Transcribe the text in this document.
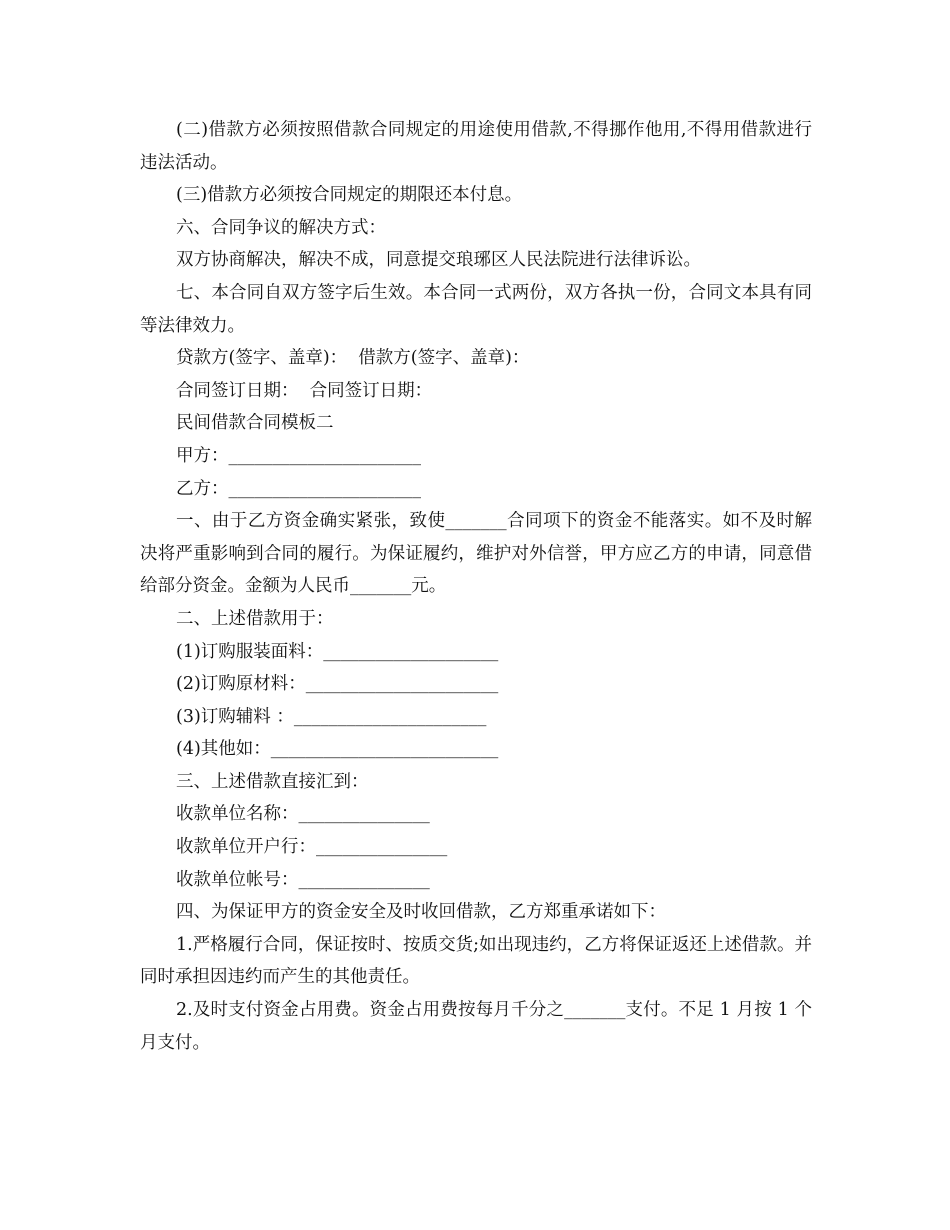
(二)借款方必须按照借款合同规定的用途使用借款,不得挪作他用,不得用借款进行违法活动。

(三)借款方必须按合同规定的期限还本付息。

六、合同争议的解决方式：

双方协商解决，解决不成，同意提交琅琊区人民法院进行法律诉讼。

七、本合同自双方签字后生效。本合同一式两份，双方各执一份，合同文本具有同等法律效力。

贷款方(签字、盖章)：  借款方(签字、盖章)：

合同签订日期：  合同签订日期：

民间借款合同模板二

甲方：______________________

乙方：______________________

一、由于乙方资金确实紧张，致使_______合同项下的资金不能落实。如不及时解决将严重影响到合同的履行。为保证履约，维护对外信誉，甲方应乙方的申请，同意借给部分资金。金额为人民币_______元。

二、上述借款用于：

(1)订购服装面料：____________________

(2)订购原材料：______________________

(3)订购辅料 ：______________________

(4)其他如：__________________________

三、上述借款直接汇到：

收款单位名称：_______________

收款单位开户行：_______________

收款单位帐号：_______________

四、为保证甲方的资金安全及时收回借款，乙方郑重承诺如下：

1.严格履行合同，保证按时、按质交货;如出现违约，乙方将保证返还上述借款。并同时承担因违约而产生的其他责任。

2.及时支付资金占用费。资金占用费按每月千分之_______支付。不足 1 月按 1 个月支付。
